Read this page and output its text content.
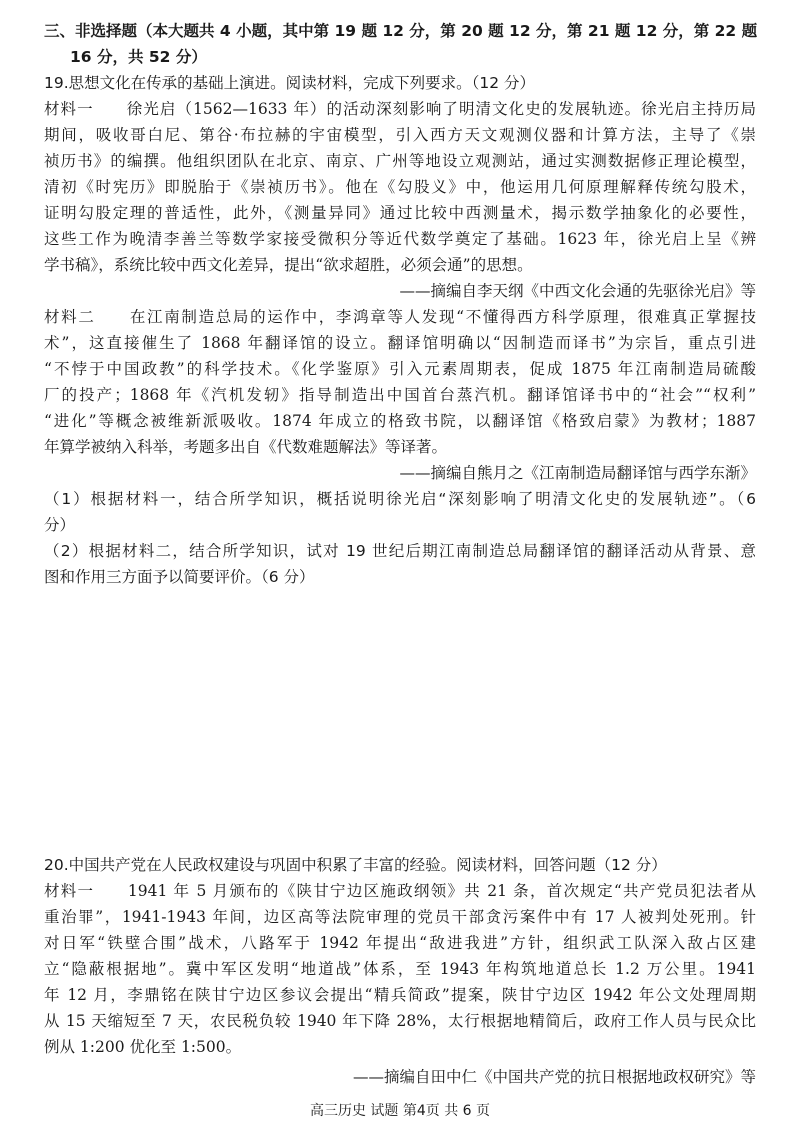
三、非选择题（本大题共 4 小题，其中第 19 题 12 分，第 20 题 12 分，第 21 题 12 分，第 22 题
16 分，共 52 分）
19.思想文化在传承的基础上演进。阅读材料，完成下列要求。（12 分）
材料一　　徐光启（1562—1633 年）的活动深刻影响了明清文化史的发展轨迹。徐光启主持历局
期间，吸收哥白尼、第谷·布拉赫的宇宙模型，引入西方天文观测仪器和计算方法，主导了《崇
祯历书》的编撰。他组织团队在北京、南京、广州等地设立观测站，通过实测数据修正理论模型，
清初《时宪历》即脱胎于《崇祯历书》。他在《勾股义》中，他运用几何原理解释传统勾股术，
证明勾股定理的普适性，此外，《测量异同》通过比较中西测量术，揭示数学抽象化的必要性，
这些工作为晚清李善兰等数学家接受微积分等近代数学奠定了基础。1623 年，徐光启上呈《辨
学书稿》，系统比较中西文化差异，提出“欲求超胜，必须会通”的思想。
——摘编自李天纲《中西文化会通的先驱徐光启》等
材料二　　在江南制造总局的运作中，李鸿章等人发现“不懂得西方科学原理，很难真正掌握技
术”，这直接催生了 1868 年翻译馆的设立。翻译馆明确以“因制造而译书”为宗旨，重点引进
“不悖于中国政教”的科学技术。《化学鉴原》引入元素周期表，促成 1875 年江南制造局硫酸
厂的投产；1868 年《汽机发轫》指导制造出中国首台蒸汽机。翻译馆译书中的“社会”“权利”
“进化”等概念被维新派吸收。1874 年成立的格致书院，以翻译馆《格致启蒙》为教材；1887
年算学被纳入科举，考题多出自《代数难题解法》等译著。
——摘编自熊月之《江南制造局翻译馆与西学东渐》
（1）根据材料一，结合所学知识，概括说明徐光启“深刻影响了明清文化史的发展轨迹”。（6
分）
（2）根据材料二，结合所学知识，试对 19 世纪后期江南制造总局翻译馆的翻译活动从背景、意
图和作用三方面予以简要评价。（6 分）
20.中国共产党在人民政权建设与巩固中积累了丰富的经验。阅读材料，回答问题（12 分）
材料一　　1941 年 5 月颁布的《陕甘宁边区施政纲领》共 21 条，首次规定“共产党员犯法者从
重治罪”，1941-1943 年间，边区高等法院审理的党员干部贪污案件中有 17 人被判处死刑。针
对日军“铁壁合围”战术，八路军于 1942 年提出“敌进我进”方针，组织武工队深入敌占区建
立“隐蔽根据地”。冀中军区发明“地道战”体系，至 1943 年构筑地道总长 1.2 万公里。1941
年 12 月，李鼎铭在陕甘宁边区参议会提出“精兵简政”提案，陕甘宁边区 1942 年公文处理周期
从 15 天缩短至 7 天，农民税负较 1940 年下降 28%，太行根据地精简后，政府工作人员与民众比
例从 1:200 优化至 1:500。
——摘编自田中仁《中国共产党的抗日根据地政权研究》等
高三历史 试题 第4页 共 6 页
